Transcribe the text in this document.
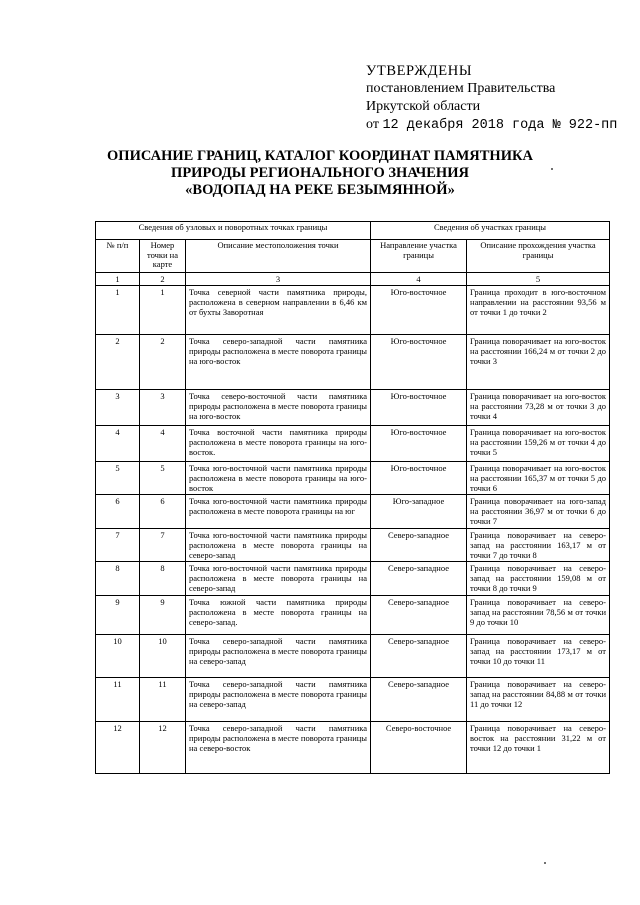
УТВЕРЖДЕНЫ
постановлением Правительства
Иркутской области
от 12 декабря 2018 года № 922-пп
ОПИСАНИЕ ГРАНИЦ, КАТАЛОГ КООРДИНАТ ПАМЯТНИКА
ПРИРОДЫ РЕГИОНАЛЬНОГО ЗНАЧЕНИЯ
«ВОДОПАД НА РЕКЕ БЕЗЫМЯННОЙ»
Сведения об узловых и поворотных точках границы			Сведения об участках границы	
№ п/п	Номер точки на карте	Описание местоположения точки	Направление участка границы	Описание прохождения участка границы
1	2	3	4	5
1	1	Точка северной части памятника природы, расположена в северном направлении в 6,46 км от бухты Заворотная	Юго-восточное	Граница проходит в юго-восточном направлении на расстоянии 93,56 м от точки 1 до точки 2
2	2	Точка северо-западной части памятника природы расположена в месте поворота границы на юго-восток	Юго-восточное	Граница поворачивает на юго-восток на расстоянии 166,24 м от точки 2 до точки 3
3	3	Точка северо-восточной части памятника природы расположена в месте поворота границы на юго-восток	Юго-восточное	Граница поворачивает на юго-восток на расстоянии 73,28 м от точки 3 до точки 4
4	4	Точка восточной части памятника природы расположена в месте поворота границы на юго-восток.	Юго-восточное	Граница поворачивает на юго-восток на расстоянии 159,26 м от точки 4 до точки 5
5	5	Точка юго-восточной части памятника природы расположена в месте поворота границы на юго-восток	Юго-восточное	Граница поворачивает на юго-восток на расстоянии 165,37 м от точки 5 до точки 6
6	6	Точка юго-восточной части памятника природы расположена в месте поворота границы на юг	Юго-западное	Граница поворачивает на юго-запад на расстоянии 36,97 м от точки 6 до точки 7
7	7	Точка юго-восточной части памятника природы расположена в месте поворота границы на северо-запад	Северо-западное	Граница поворачивает на северо-запад на расстоянии 163,17 м от точки 7 до точки 8
8	8	Точка юго-восточной части памятника природы расположена в месте поворота границы на северо-запад	Северо-западное	Граница поворачивает на северо-запад на расстоянии 159,08 м от точки 8 до точки 9
9	9	Точка южной части памятника природы расположена в месте поворота границы на северо-запад.	Северо-западное	Граница поворачивает на северо-запад на расстоянии 78,56 м от точки 9 до точки 10
10	10	Точка северо-западной части памятника природы расположена в месте поворота границы на северо-запад	Северо-западное	Граница поворачивает на северо-запад на расстоянии 173,17 м от точки 10 до точки 11
11	11	Точка северо-западной части памятника природы расположена в месте поворота границы на северо-запад	Северо-западное	Граница поворачивает на северо-запад на расстоянии 84,88 м от точки 11 до точки 12
12	12	Точка северо-западной части памятника природы расположена в месте поворота границы на северо-восток	Северо-восточное	Граница поворачивает на северо-восток на расстоянии 31,22 м от точки 12 до точки 1
